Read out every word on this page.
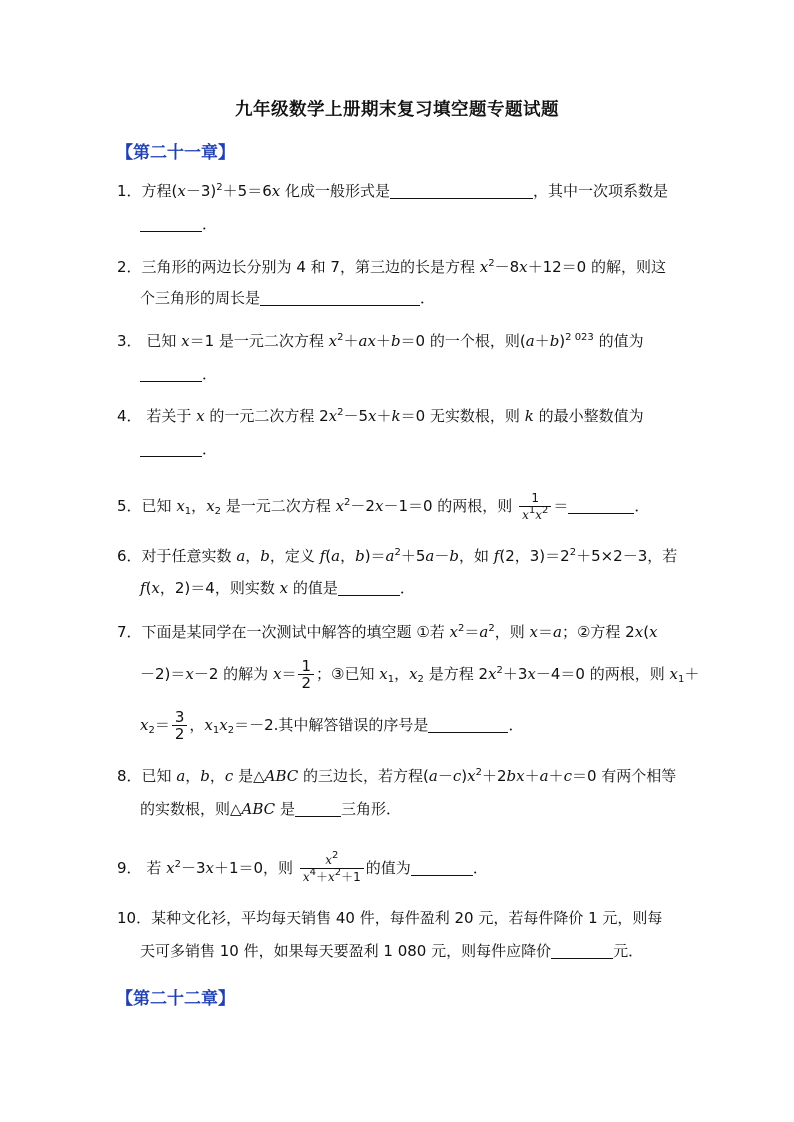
九年级数学上册期末复习填空题专题试题
【第二十一章】
1．方程$(x-3)^2+5=6x$ 化成一般形式是	，其中一次项系数是
．
2．三角形的两边长分别为 4 和 7，第三边的长是方程 $x^2-8x+12=0$ 的解，则这
个三角形的周长是	．
3． 已知 x＝1 是一元二次方程 $x^2+ax+b=0$ 的一个根，则$(a+b)^{2 023}$ 的值为
．
4． 若关于 x 的一元二次方程 $2x^2-5x+k=0$ 无实数根，则 k 的最小整数值为
．
5．已知 $x_1$，$x_2$ 是一元二次方程 $x^2-2x-1=0$ 的两根，则 $\frac{1}{x^1x^2}$ ＝	．
6．对于任意实数 a，b，定义 f(a，$b)=a^2+5a-b$，如 f(2，$3)=2^2+5\times 2-3$，若
f(x，2)＝4，则实数 x 的值是	．
7．下面是某同学在一次测试中解答的填空题 ①若 $x^2=a^2$，则 x＝a；②方程 2x(x
－2)＝x－2 的解为 $x= \frac{1}{2}$ ；③已知 $x_1$，$x_2$ 是方程 $2x^2+3x-4=0$ 的两根，则 $x_1+$
$x_2= \frac{3}{2}$ ，$x_1x_2=-2$.其中解答错误的序号是	．
8．已知 a，b，c 是△ABC 的三边长，若方程$(a-c)x^2+2bx+a+c=0$ 有两个相等
的实数根，则△ABC 是	三角形．
9． 若 $x^2-3x+1=0$，则 $\frac{x^2}{x^4+x^2+1}$ 的值为	．
10．某种文化衫，平均每天销售 40 件，每件盈利 20 元，若每件降价 1 元，则每
天可多销售 10 件，如果每天要盈利 1 080 元，则每件应降价	元．
【第二十二章】
